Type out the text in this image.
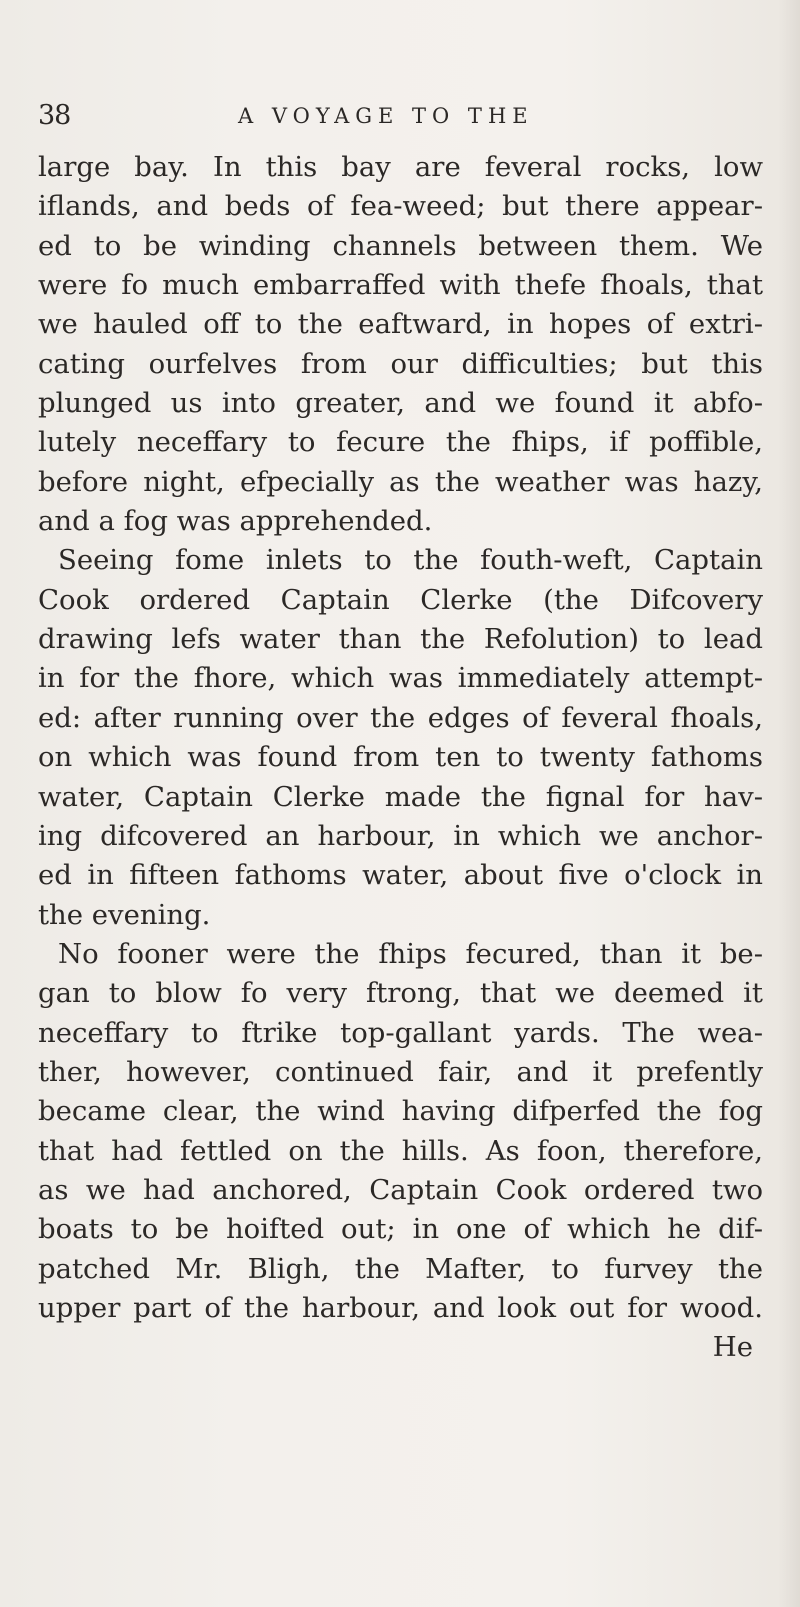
38	A VOYAGE TO THE
large bay. In this bay are feveral rocks, low
iflands, and beds of fea-weed; but there appear-
ed to be winding channels between them. We
were fo much embarraffed with thefe fhoals, that
we hauled off to the eaftward, in hopes of extri-
cating ourfelves from our difficulties; but this
plunged us into greater, and we found it abfo-
lutely neceffary to fecure the fhips, if poffible,
before night, efpecially as the weather was hazy,
and a fog was apprehended.
Seeing fome inlets to the fouth-weft, Captain
Cook ordered Captain Clerke (the Difcovery
drawing lefs water than the Refolution) to lead
in for the fhore, which was immediately attempt-
ed: after running over the edges of feveral fhoals,
on which was found from ten to twenty fathoms
water, Captain Clerke made the fignal for hav-
ing difcovered an harbour, in which we anchor-
ed in fifteen fathoms water, about five o'clock in
the evening.
No fooner were the fhips fecured, than it be-
gan to blow fo very ftrong, that we deemed it
neceffary to ftrike top-gallant yards. The wea-
ther, however, continued fair, and it prefently
became clear, the wind having difperfed the fog
that had fettled on the hills. As foon, therefore,
as we had anchored, Captain Cook ordered two
boats to be hoifted out; in one of which he dif-
patched Mr. Bligh, the Mafter, to furvey the
upper part of the harbour, and look out for wood.
He
